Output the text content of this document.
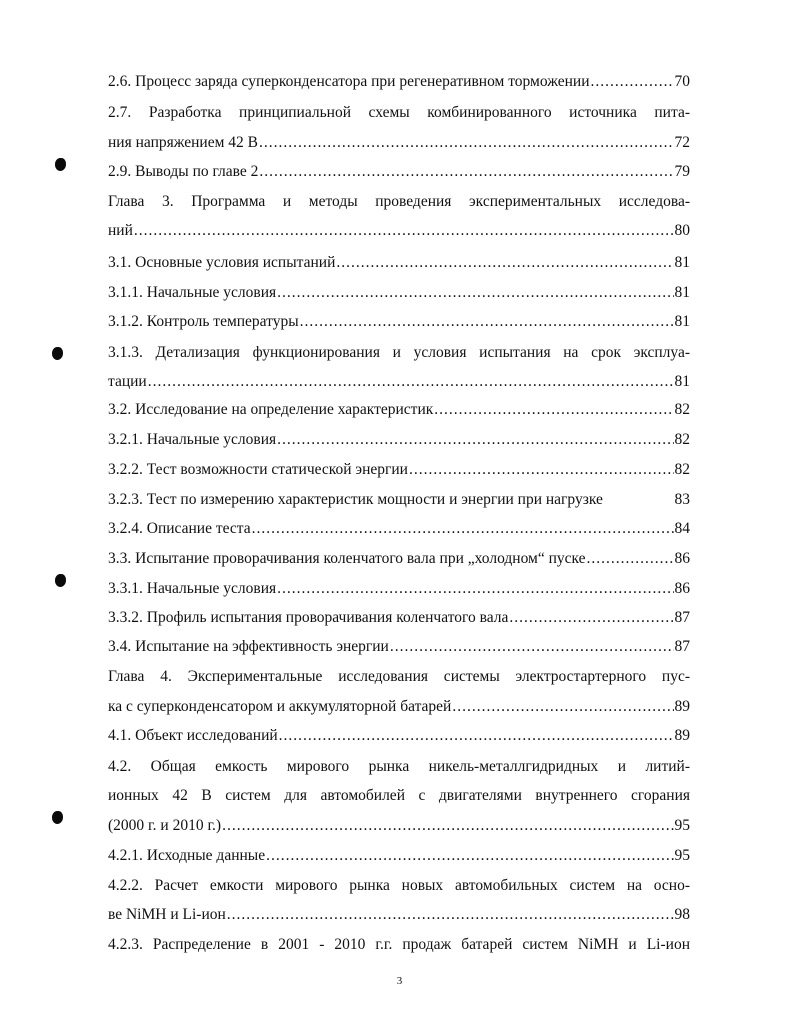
2.6. Процесс заряда суперконденсатора при регенеративном торможении .....	70
2.7. Разработка принципиальной схемы комбинированного источника пита-
ния напряжением 42 В .....	72
2.9. Выводы по главе 2 .....	79
Глава 3. Программа и методы проведения экспериментальных исследова-
ний .....	80
3.1. Основные условия испытаний .....	81
3.1.1. Начальные условия .....	81
3.1.2. Контроль температуры .....	81
3.1.3. Детализация функционирования и условия испытания на срок эксплуа-
тации .....	81
3.2. Исследование на определение характеристик .....	82
3.2.1. Начальные условия .....	82
3.2.2. Тест возможности статической энергии .....	82
3.2.3. Тест по измерению характеристик мощности и энергии при нагрузке	83
3.2.4. Описание теста .....	84
3.3. Испытание проворачивания коленчатого вала при „холодном“ пуске .....	86
3.3.1. Начальные условия .....	86
3.3.2. Профиль испытания проворачивания коленчатого вала .....	87
3.4. Испытание на эффективность энергии .....	87
Глава 4. Экспериментальные исследования системы электростартерного пус-
ка с суперконденсатором и аккумуляторной батарей .....	89
4.1. Объект исследований .....	89
4.2. Общая емкость мирового рынка никель-металлгидридных и литий-
ионных 42 В систем для автомобилей с двигателями внутреннего сгорания
(2000 г. и 2010 г.) .....	95
4.2.1. Исходные данные .....	95
4.2.2. Расчет емкости мирового рынка новых автомобильных систем на осно-
ве NiMH и Li-ион .....	98
4.2.3. Распределение в 2001 - 2010 г.г. продаж батарей систем NiMH и Li-ион
3
